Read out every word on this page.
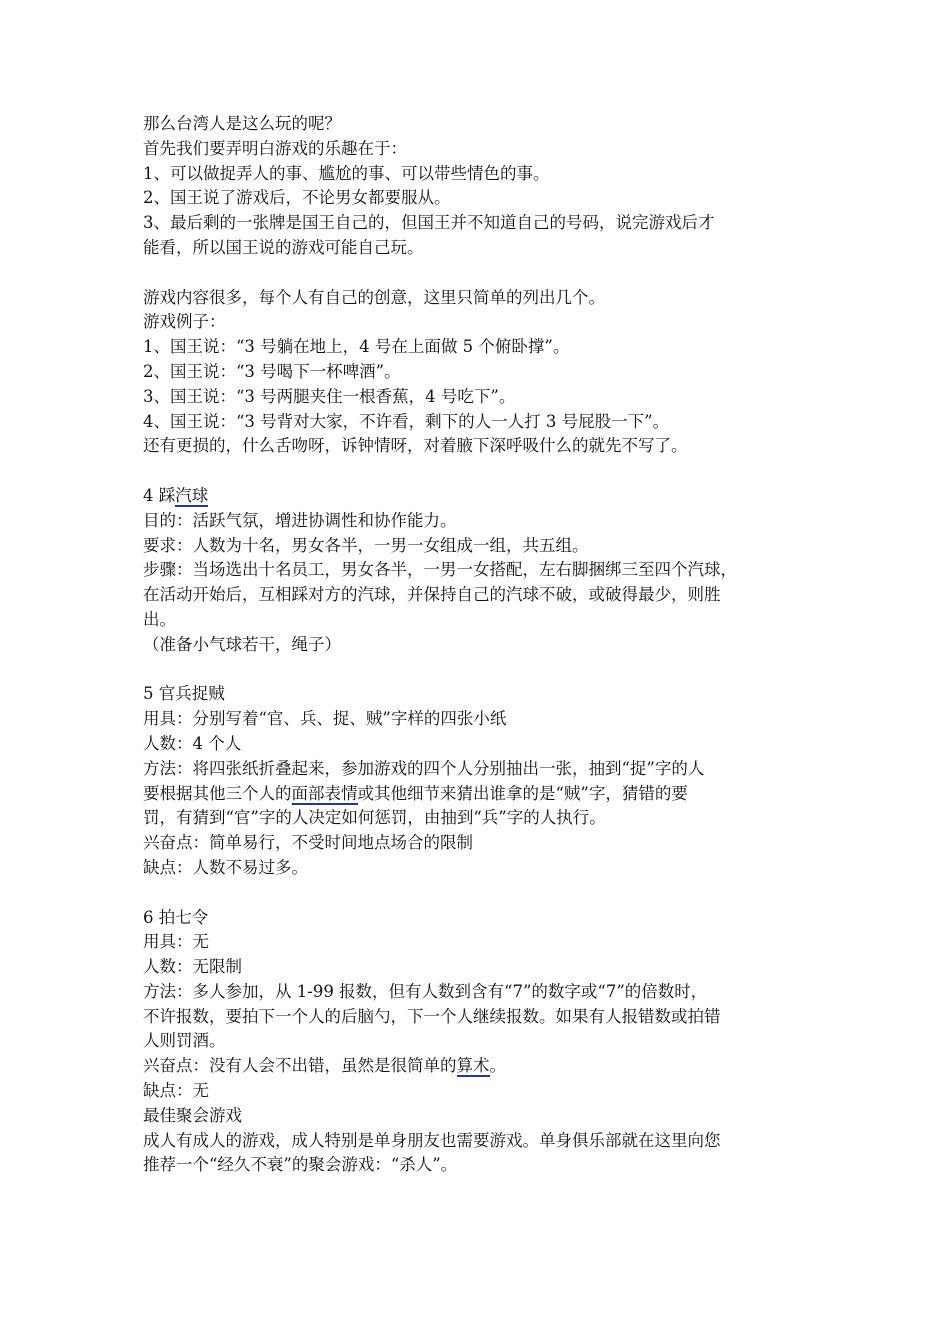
那么台湾人是这么玩的呢？
首先我们要弄明白游戏的乐趣在于：
1、可以做捉弄人的事、尴尬的事、可以带些情色的事。
2、国王说了游戏后，不论男女都要服从。
3、最后剩的一张牌是国王自己的，但国王并不知道自己的号码，说完游戏后才
能看，所以国王说的游戏可能自己玩。
游戏内容很多，每个人有自己的创意，这里只简单的列出几个。
游戏例子：
1、国王说：“3 号躺在地上，4 号在上面做 5 个俯卧撑”。
2、国王说：“3 号喝下一杯啤酒”。
3、国王说：“3 号两腿夹住一根香蕉，4 号吃下”。
4、国王说：“3 号背对大家，不许看，剩下的人一人打 3 号屁股一下”。
还有更损的，什么舌吻呀，诉钟情呀，对着腋下深呼吸什么的就先不写了。
4 踩汽球
目的：活跃气氛，增进协调性和协作能力。
要求：人数为十名，男女各半，一男一女组成一组，共五组。
步骤：当场选出十名员工，男女各半，一男一女搭配，左右脚捆绑三至四个汽球，
在活动开始后，互相踩对方的汽球，并保持自己的汽球不破，或破得最少，则胜
出。
（准备小气球若干，绳子）
5 官兵捉贼
用具：分别写着“官、兵、捉、贼”字样的四张小纸
人数：4 个人
方法：将四张纸折叠起来，参加游戏的四个人分别抽出一张，抽到“捉”字的人
要根据其他三个人的面部表情或其他细节来猜出谁拿的是“贼”字，猜错的要
罚，有猜到“官”字的人决定如何惩罚，由抽到“兵”字的人执行。
兴奋点：简单易行，不受时间地点场合的限制
缺点：人数不易过多。
6 拍七令
用具：无
人数：无限制
方法：多人参加，从 1-99 报数，但有人数到含有“7”的数字或“7”的倍数时，
不许报数，要拍下一个人的后脑勺，下一个人继续报数。如果有人报错数或拍错
人则罚酒。
兴奋点：没有人会不出错，虽然是很简单的算术。
缺点：无
最佳聚会游戏
成人有成人的游戏，成人特别是单身朋友也需要游戏。单身俱乐部就在这里向您
推荐一个“经久不衰”的聚会游戏：“杀人”。
